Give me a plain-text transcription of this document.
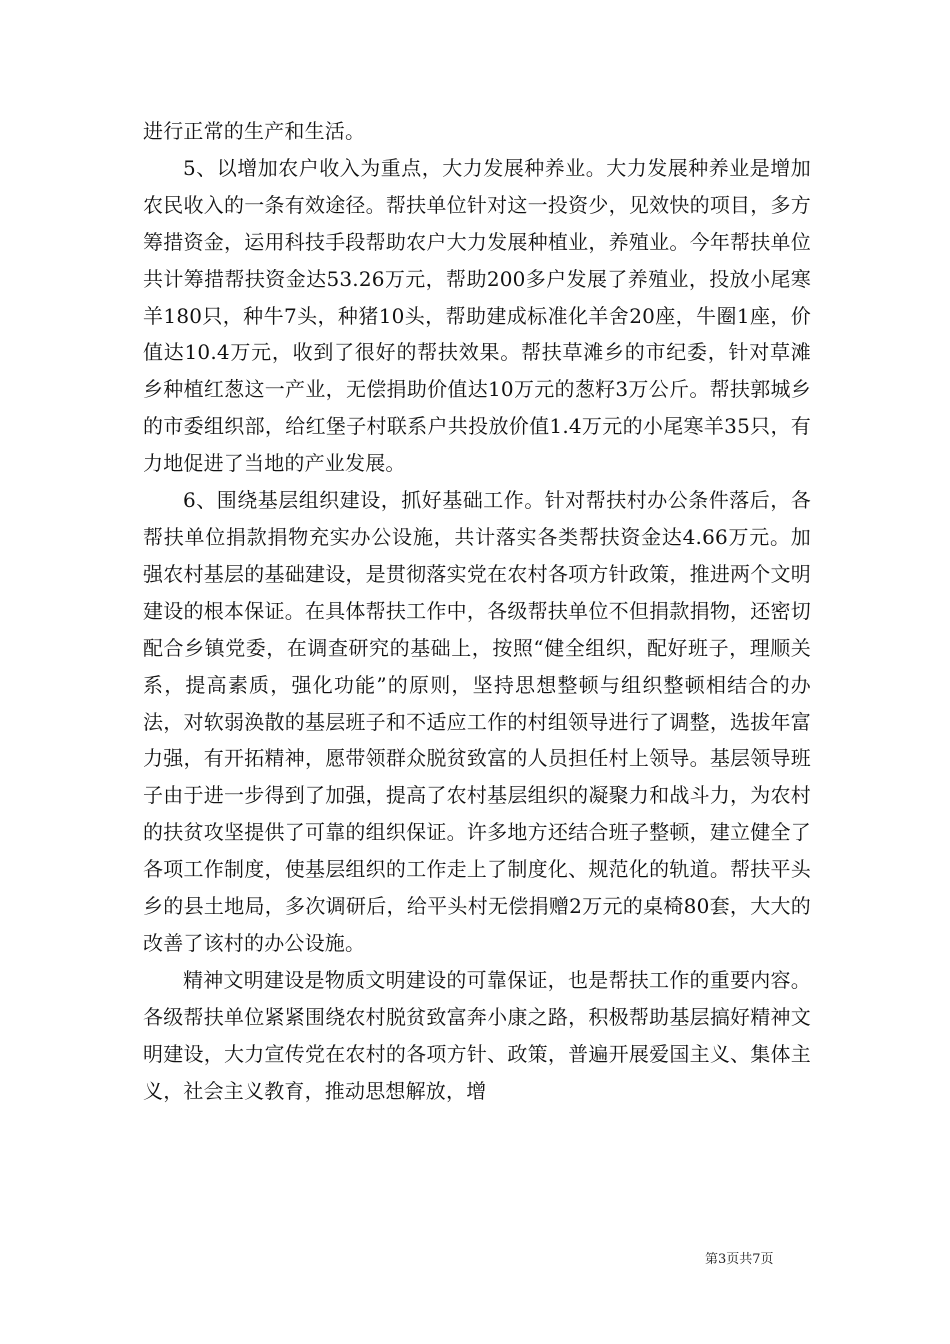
进行正常的生产和生活。

5、以增加农户收入为重点，大力发展种养业。大力发展种养业是增加农民收入的一条有效途径。帮扶单位针对这一投资少，见效快的项目，多方筹措资金，运用科技手段帮助农户大力发展种植业，养殖业。今年帮扶单位共计筹措帮扶资金达53.26万元，帮助200多户发展了养殖业，投放小尾寒羊180只，种牛7头，种猪10头，帮助建成标准化羊舍20座，牛圈1座，价值达10.4万元，收到了很好的帮扶效果。帮扶草滩乡的市纪委，针对草滩乡种植红葱这一产业，无偿捐助价值达10万元的葱籽3万公斤。帮扶郭城乡的市委组织部，给红堡子村联系户共投放价值1.4万元的小尾寒羊35只，有力地促进了当地的产业发展。

6、围绕基层组织建设，抓好基础工作。针对帮扶村办公条件落后，各帮扶单位捐款捐物充实办公设施，共计落实各类帮扶资金达4.66万元。加强农村基层的基础建设，是贯彻落实党在农村各项方针政策，推进两个文明建设的根本保证。在具体帮扶工作中，各级帮扶单位不但捐款捐物，还密切配合乡镇党委，在调查研究的基础上，按照“健全组织，配好班子，理顺关系，提高素质，强化功能”的原则，坚持思想整顿与组织整顿相结合的办法，对软弱涣散的基层班子和不适应工作的村组领导进行了调整，选拔年富力强，有开拓精神，愿带领群众脱贫致富的人员担任村上领导。基层领导班子由于进一步得到了加强，提高了农村基层组织的凝聚力和战斗力，为农村的扶贫攻坚提供了可靠的组织保证。许多地方还结合班子整顿，建立健全了各项工作制度，使基层组织的工作走上了制度化、规范化的轨道。帮扶平头乡的县土地局，多次调研后，给平头村无偿捐赠2万元的桌椅80套，大大的改善了该村的办公设施。

精神文明建设是物质文明建设的可靠保证，也是帮扶工作的重要内容。各级帮扶单位紧紧围绕农村脱贫致富奔小康之路，积极帮助基层搞好精神文明建设，大力宣传党在农村的各项方针、政策，普遍开展爱国主义、集体主义，社会主义教育，推动思想解放，增

第3页共7页
